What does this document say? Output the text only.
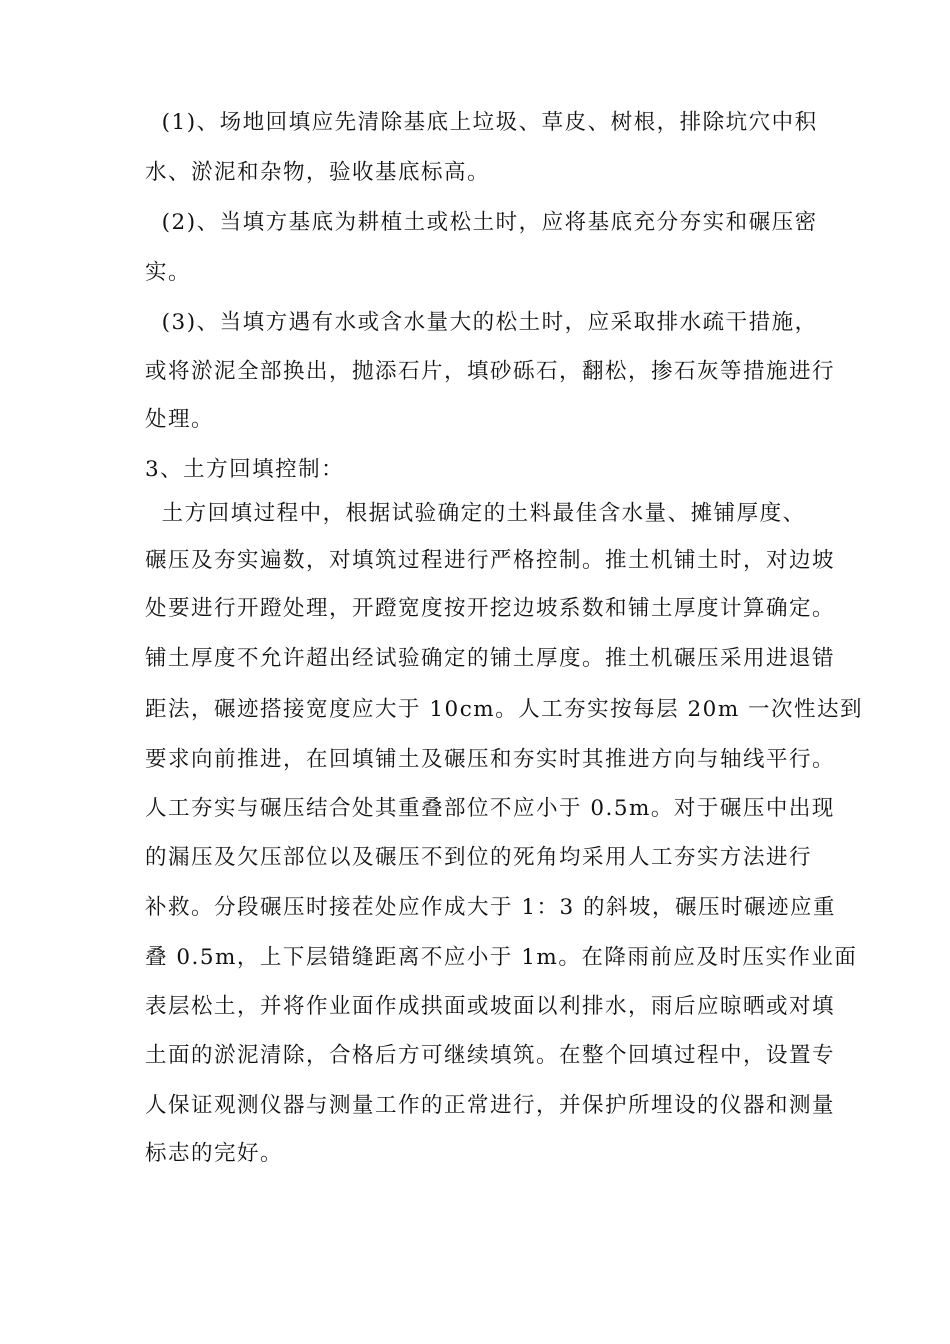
(1)、场地回填应先清除基底上垃圾、草皮、树根，排除坑穴中积
水、淤泥和杂物，验收基底标高。
(2)、当填方基底为耕植土或松土时，应将基底充分夯实和碾压密
实。
(3)、当填方遇有水或含水量大的松土时，应采取排水疏干措施，
或将淤泥全部换出，抛添石片，填砂砾石，翻松，掺石灰等措施进行
处理。
3、土方回填控制：
土方回填过程中，根据试验确定的土料最佳含水量、摊铺厚度、
碾压及夯实遍数，对填筑过程进行严格控制。推土机铺土时，对边坡
处要进行开蹬处理，开蹬宽度按开挖边坡系数和铺土厚度计算确定。
铺土厚度不允许超出经试验确定的铺土厚度。推土机碾压采用进退错
距法，碾迹搭接宽度应大于 10cm。人工夯实按每层 20m 一次性达到
要求向前推进，在回填铺土及碾压和夯实时其推进方向与轴线平行。
人工夯实与碾压结合处其重叠部位不应小于 0.5m。对于碾压中出现
的漏压及欠压部位以及碾压不到位的死角均采用人工夯实方法进行
补救。分段碾压时接茬处应作成大于 1：3 的斜坡，碾压时碾迹应重
叠 0.5m，上下层错缝距离不应小于 1m。在降雨前应及时压实作业面
表层松土，并将作业面作成拱面或坡面以利排水，雨后应晾晒或对填
土面的淤泥清除，合格后方可继续填筑。在整个回填过程中，设置专
人保证观测仪器与测量工作的正常进行，并保护所埋设的仪器和测量
标志的完好。
